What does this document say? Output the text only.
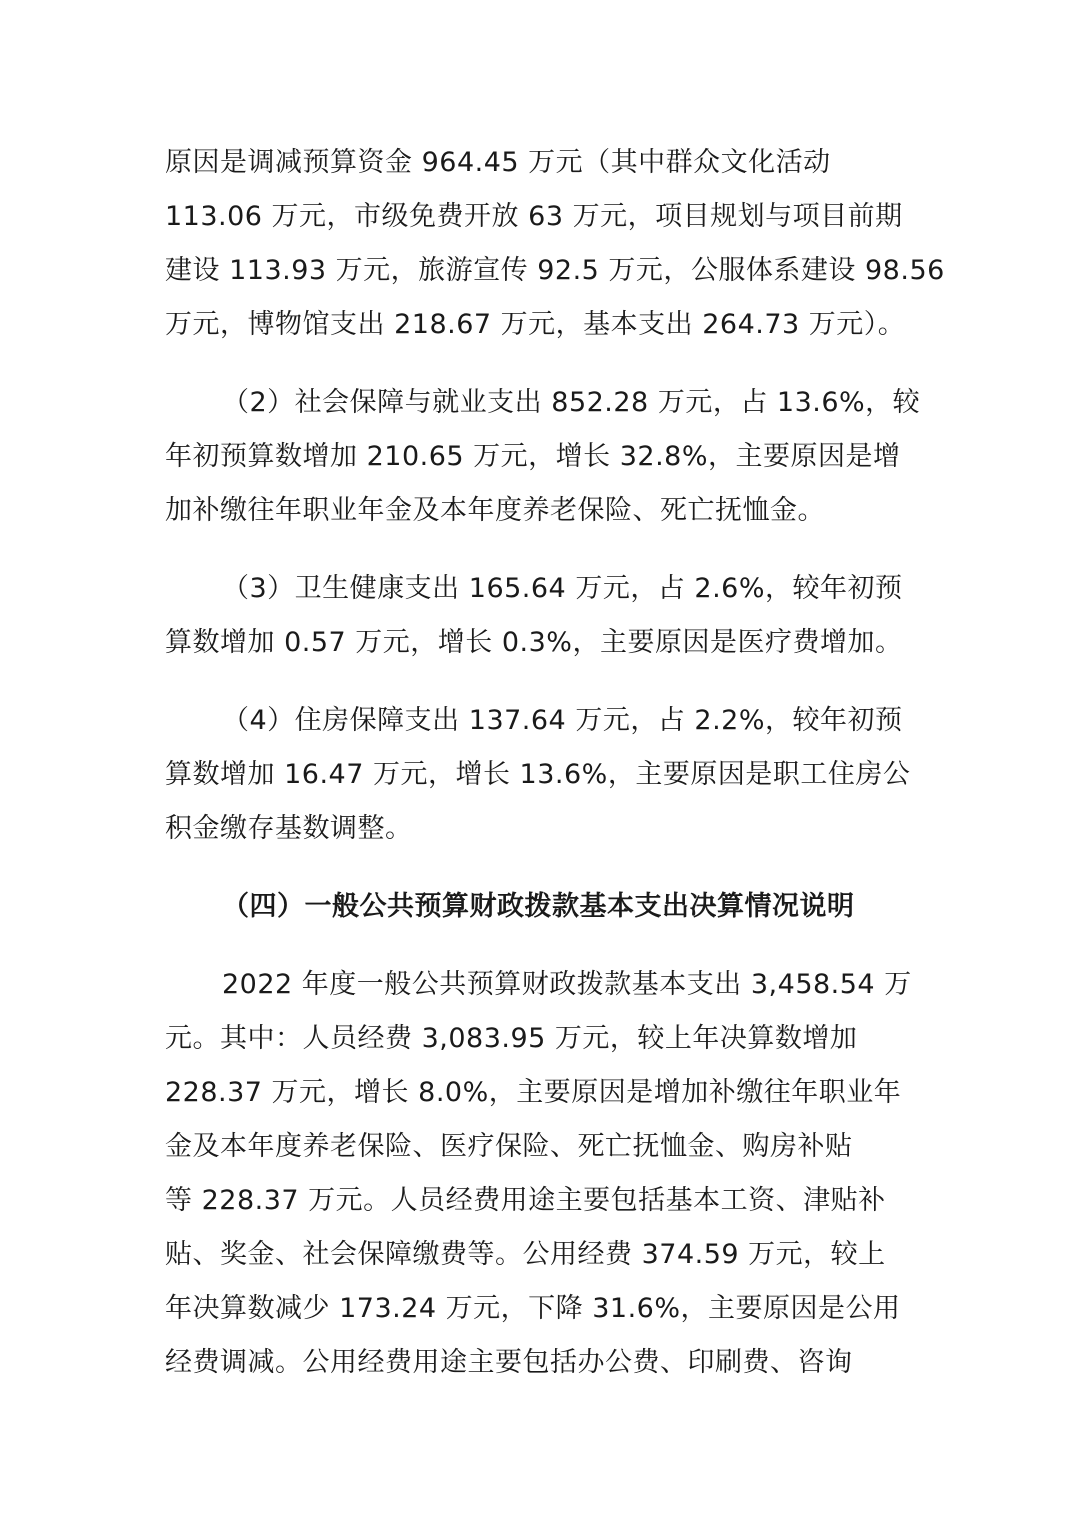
原因是调减预算资金 964.45 万元（其中群众文化活动
113.06 万元，市级免费开放 63 万元，项目规划与项目前期
建设 113.93 万元，旅游宣传 92.5 万元，公服体系建设 98.56
万元，博物馆支出 218.67 万元，基本支出 264.73 万元）。
（2）社会保障与就业支出 852.28 万元，占 13.6%，较
年初预算数增加 210.65 万元，增长 32.8%，主要原因是增
加补缴往年职业年金及本年度养老保险、死亡抚恤金。
（3）卫生健康支出 165.64 万元，占 2.6%，较年初预
算数增加 0.57 万元，增长 0.3%，主要原因是医疗费增加。
（4）住房保障支出 137.64 万元，占 2.2%，较年初预
算数增加 16.47 万元，增长 13.6%，主要原因是职工住房公
积金缴存基数调整。
（四）一般公共预算财政拨款基本支出决算情况说明
2022 年度一般公共预算财政拨款基本支出 3,458.54 万
元。其中：人员经费 3,083.95 万元，较上年决算数增加
228.37 万元，增长 8.0%，主要原因是增加补缴往年职业年
金及本年度养老保险、医疗保险、死亡抚恤金、购房补贴
等 228.37 万元。人员经费用途主要包括基本工资、津贴补
贴、奖金、社会保障缴费等。公用经费 374.59 万元，较上
年决算数减少 173.24 万元，下降 31.6%，主要原因是公用
经费调减。公用经费用途主要包括办公费、印刷费、咨询
